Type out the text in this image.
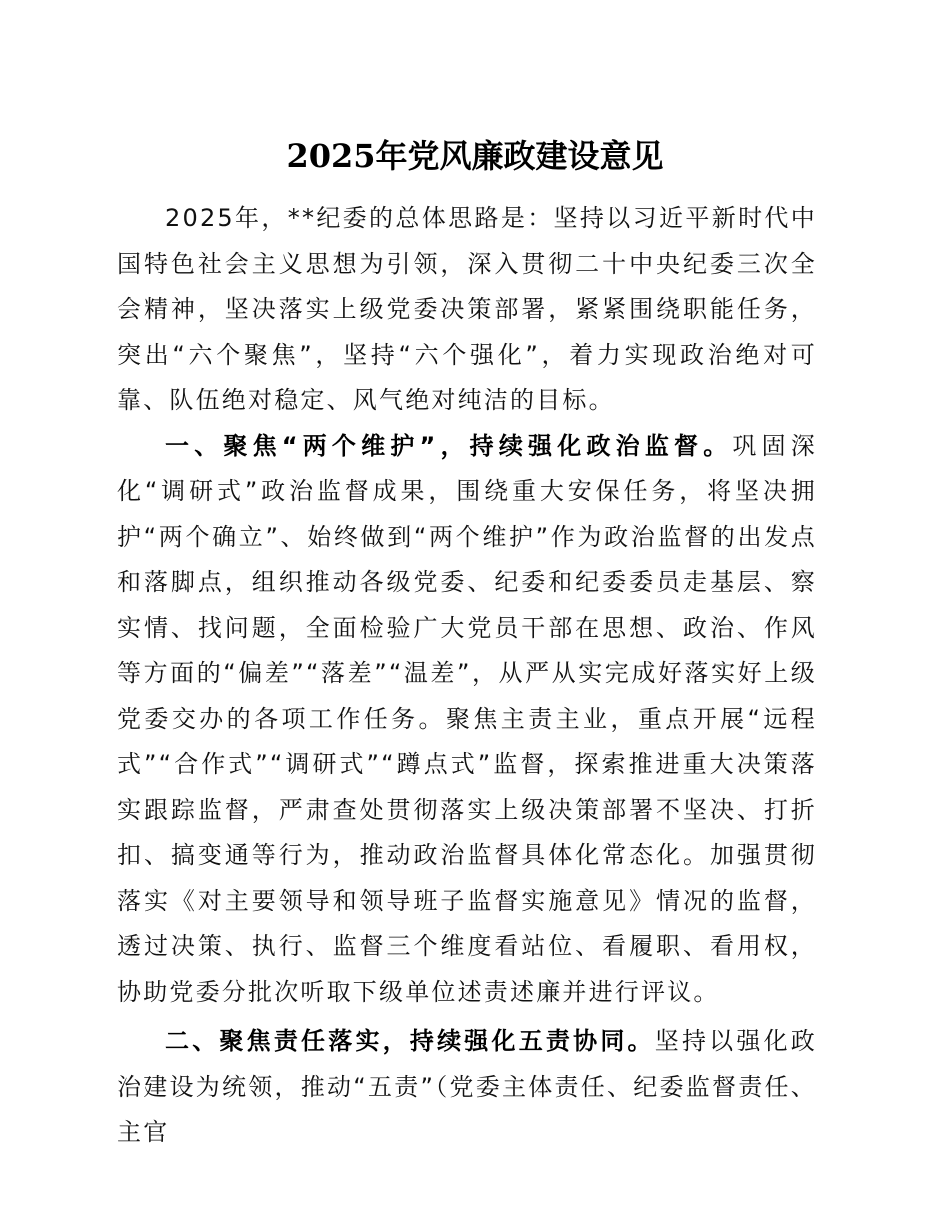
2025年党风廉政建设意见

2025年，**纪委的总体思路是：坚持以习近平新时代中国特色社会主义思想为引领，深入贯彻二十中央纪委三次全会精神，坚决落实上级党委决策部署，紧紧围绕职能任务，突出“六个聚焦”，坚持“六个强化”，着力实现政治绝对可靠、队伍绝对稳定、风气绝对纯洁的目标。

一、聚焦“两个维护”，持续强化政治监督。巩固深化“调研式”政治监督成果，围绕重大安保任务，将坚决拥护“两个确立”、始终做到“两个维护”作为政治监督的出发点和落脚点，组织推动各级党委、纪委和纪委委员走基层、察实情、找问题，全面检验广大党员干部在思想、政治、作风等方面的“偏差”“落差”“温差”，从严从实完成好落实好上级党委交办的各项工作任务。聚焦主责主业，重点开展“远程式”“合作式”“调研式”“蹲点式”监督，探索推进重大决策落实跟踪监督，严肃查处贯彻落实上级决策部署不坚决、打折扣、搞变通等行为，推动政治监督具体化常态化。加强贯彻落实《对主要领导和领导班子监督实施意见》情况的监督，透过决策、执行、监督三个维度看站位、看履职、看用权，协助党委分批次听取下级单位述责述廉并进行评议。

二、聚焦责任落实，持续强化五责协同。坚持以强化政治建设为统领，推动“五责”（党委主体责任、纪委监督责任、主官
